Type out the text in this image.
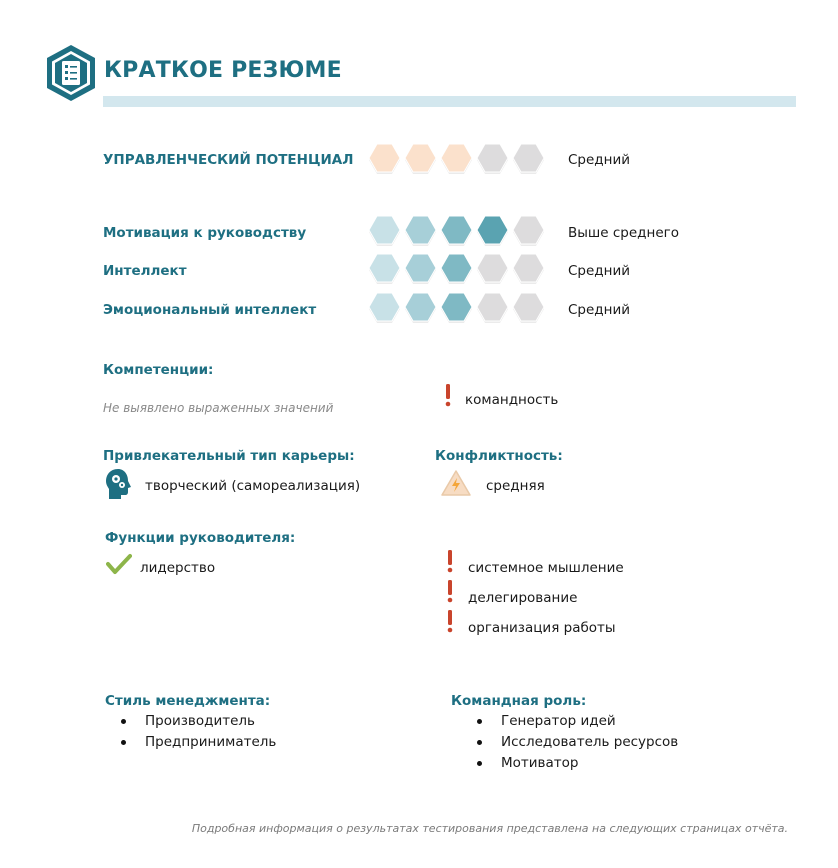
КРАТКОЕ РЕЗЮМЕ
УПРАВЛЕНЧЕСКИЙ ПОТЕНЦИАЛ	Средний
Мотивация к руководству	Выше среднего
Интеллект	Средний
Эмоциональный интеллект	Средний
Компетенции:
Не выявлено выраженных значений	командность
Привлекательный тип карьеры:
творческий (самореализация)
Конфликтность:
средняя
Функции руководителя:
лидерство	системное мышление
делегирование
организация работы
Стиль менеджмента:
Производитель
Предприниматель
Командная роль:
Генератор идей
Исследователь ресурсов
Мотиватор
Подробная информация о результатах тестирования представлена на следующих страницах отчёта.
